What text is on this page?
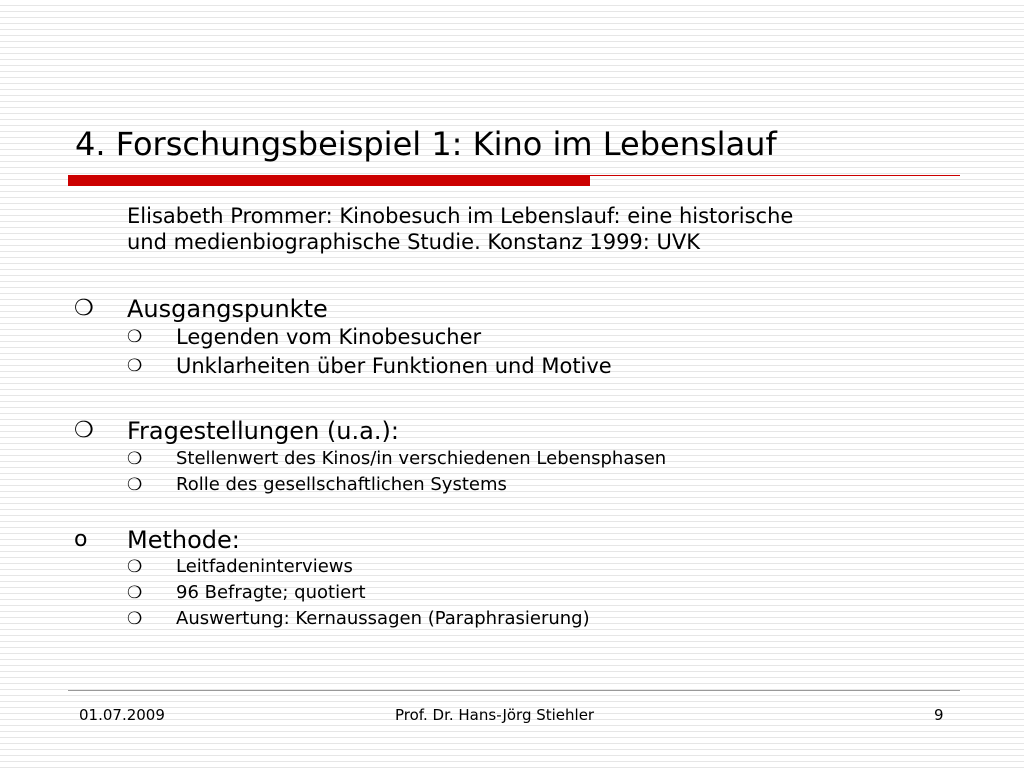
4. Forschungsbeispiel 1: Kino im Lebenslauf
Elisabeth Prommer: Kinobesuch im Lebenslauf: eine historische
und medienbiographische Studie. Konstanz 1999: UVK
❍ Ausgangspunkte
❍ Legenden vom Kinobesucher
❍ Unklarheiten über Funktionen und Motive
❍ Fragestellungen (u.a.):
❍ Stellenwert des Kinos/in verschiedenen Lebensphasen
❍ Rolle des gesellschaftlichen Systems
o Methode:
❍ Leitfadeninterviews
❍ 96 Befragte; quotiert
❍ Auswertung: Kernaussagen (Paraphrasierung)
01.07.2009	Prof. Dr. Hans-Jörg Stiehler	9
